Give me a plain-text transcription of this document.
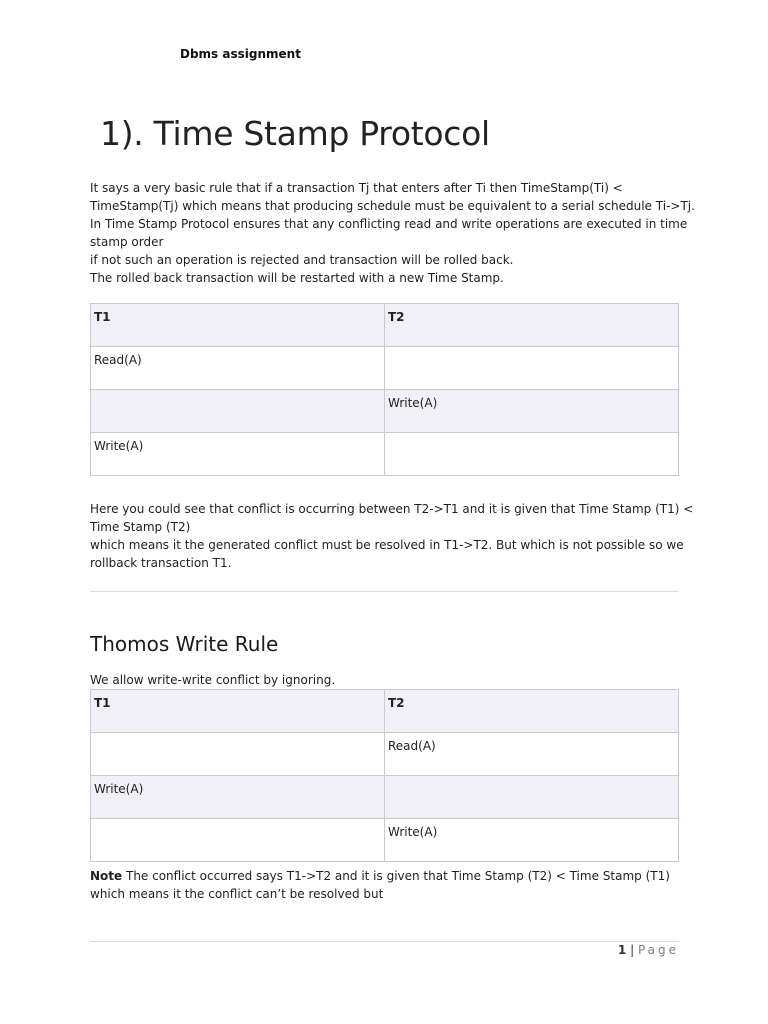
Dbms assignment
1). Time Stamp Protocol
It says a very basic rule that if a transaction Tj that enters after Ti then TimeStamp(Ti) <
TimeStamp(Tj) which means that producing schedule must be equivalent to a serial schedule Ti->Tj.
In Time Stamp Protocol ensures that any conflicting read and write operations are executed in time
stamp order
if not such an operation is rejected and transaction will be rolled back.
The rolled back transaction will be restarted with a new Time Stamp.
T1	T2
Read(A)	
	Write(A)
Write(A)	
Here you could see that conflict is occurring between T2->T1 and it is given that Time Stamp (T1) <
Time Stamp (T2)
which means it the generated conflict must be resolved in T1->T2. But which is not possible so we
rollback transaction T1.
Thomos Write Rule
We allow write-write conflict by ignoring.
T1	T2
	Read(A)
Write(A)	
	Write(A)
Note The conflict occurred says T1->T2 and it is given that Time Stamp (T2) < Time Stamp (T1)
which means it the conflict can’t be resolved but
1 | Page
